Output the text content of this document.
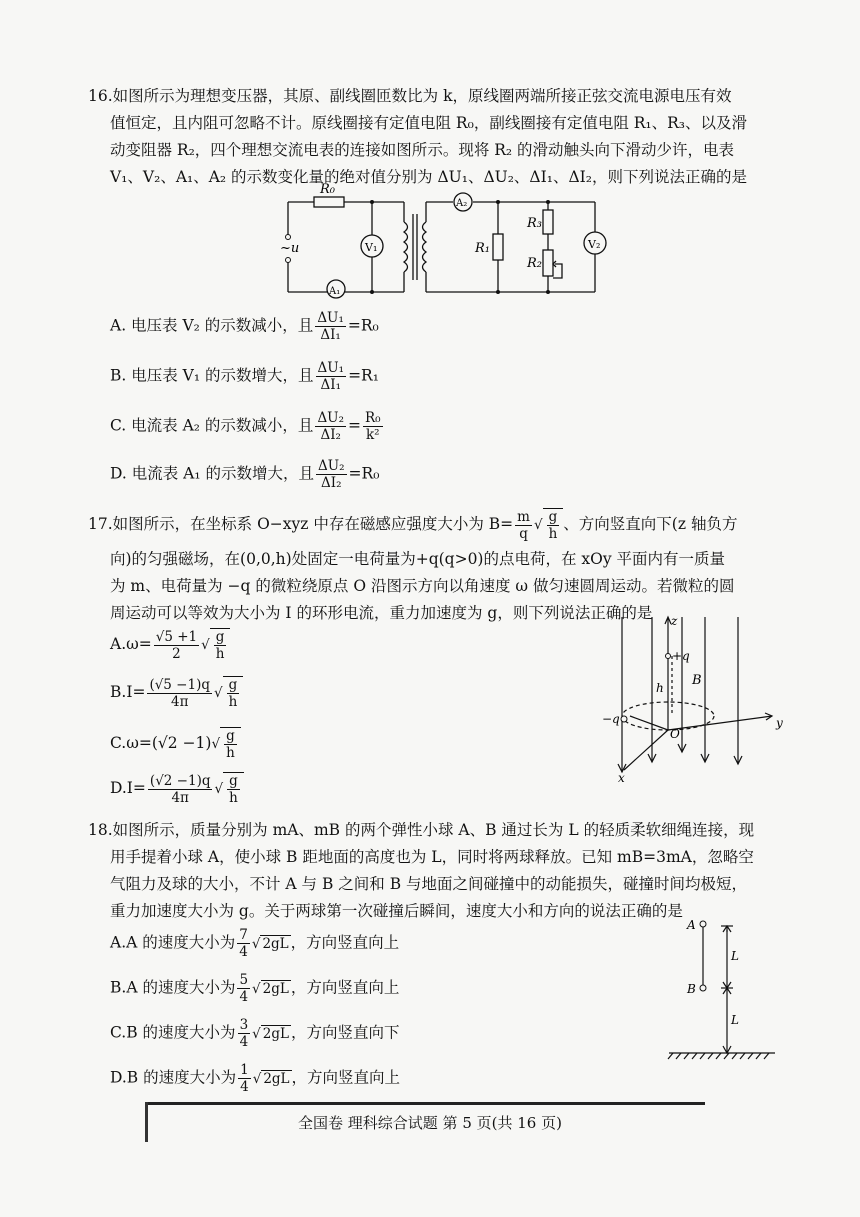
16.如图所示为理想变压器，其原、副线圈匝数比为 k，原线圈两端所接正弦交流电源电压有效
值恒定，且内阻可忽略不计。原线圈接有定值电阻 R₀，副线圈接有定值电阻 R₁、R₃、以及滑
动变阻器 R₂，四个理想交流电表的连接如图所示。现将 R₂ 的滑动触头向下滑动少许，电表
V₁、V₂、A₁、A₂ 的示数变化量的绝对值分别为 ΔU₁、ΔU₂、ΔI₁、ΔI₂，则下列说法正确的是
R₀
~u	V₁
A₁
A₂
R₁
R₃
R₂
V₂
A. 电压表 V₂ 的示数减小，且 $\frac{\text{ΔU₁}}{\text{ΔI₁}} =R_0$
B. 电压表 V₁ 的示数增大，且 $\frac{\text{ΔU₁}}{\text{ΔI₁}} =R_1$
C. 电流表 A₂ 的示数减小，且 $\frac{\text{ΔU₂}}{\text{ΔI₂}} = \frac{\text{R₀}}{\text{k²}}$
D. 电流表 A₁ 的示数增大，且 $\frac{\text{ΔU₂}}{\text{ΔI₂}} =R_0$
17.如图所示，在坐标系 O−xyz 中存在磁感应强度大小为 $B= \frac{m}{q}$ √ $\frac{g}{h}$ 、方向竖直向下(z 轴负方
向)的匀强磁场，在(0,0,h)处固定一电荷量为+q(q>0)的点电荷，在 xOy 平面内有一质量
为 m、电荷量为 −q 的微粒绕原点 O 沿图示方向以角速度 ω 做匀速圆周运动。若微粒的圆
周运动可以等效为大小为 I 的环形电流，重力加速度为 g，则下列说法正确的是
$A.\omega= \frac{√5 +1}{2}$ √ $\frac{g}{h}$
$B.I= \frac{(√5 -1)q}{4\pi}$ √ $\frac{g}{h}$
$C.\omega=(√2 -1)√ \frac{g}{h}$
$D.I= \frac{(√2 -1)q}{4\pi}$ √ $\frac{g}{h}$
z
y
x
+q
−q
h B
O
18.如图所示，质量分别为 mA、mB 的两个弹性小球 A、B 通过长为 L 的轻质柔软细绳连接，现
用手提着小球 A，使小球 B 距地面的高度也为 L，同时将两球释放。已知 mB=3mA，忽略空
气阻力及球的大小，不计 A 与 B 之间和 B 与地面之间碰撞中的动能损失，碰撞时间均极短，
重力加速度大小为 g。关于两球第一次碰撞后瞬间，速度大小和方向的说法正确的是
A.A 的速度大小为 $\frac{7}{4}$ √ 2gL ，方向竖直向上
B.A 的速度大小为 $\frac{5}{4}$ √ 2gL ，方向竖直向上
C.B 的速度大小为 $\frac{3}{4}$ √ 2gL ，方向竖直向下
D.B 的速度大小为 $\frac{1}{4}$ √ 2gL ，方向竖直向上
A
B
L
L
全国卷 理科综合试题 第 5 页(共 16 页)
